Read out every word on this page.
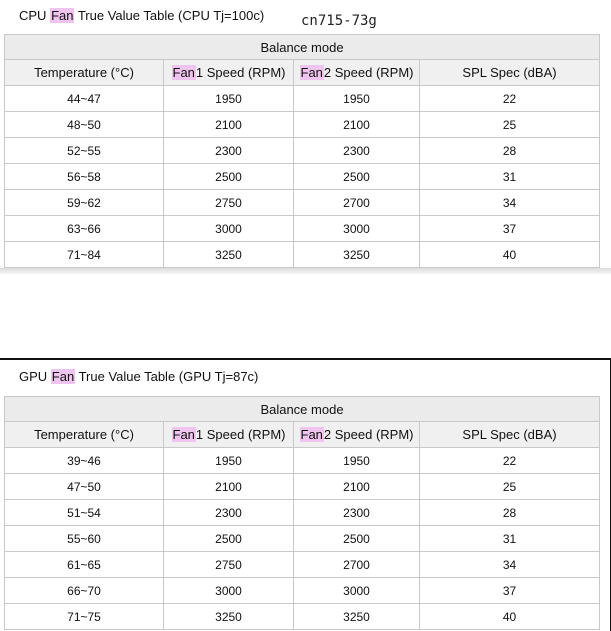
CPU Fan True Value Table (CPU Tj=100c)	cn715-73g
Balance mode			
Temperature (°C)	Fan1 Speed (RPM)	Fan2 Speed (RPM)	SPL Spec (dBA)
44~47	1950	1950	22
48~50	2100	2100	25
52~55	2300	2300	28
56~58	2500	2500	31
59~62	2750	2700	34
63~66	3000	3000	37
71~84	3250	3250	40
GPU Fan True Value Table (GPU Tj=87c)
Balance mode			
Temperature (°C)	Fan1 Speed (RPM)	Fan2 Speed (RPM)	SPL Spec (dBA)
39~46	1950	1950	22
47~50	2100	2100	25
51~54	2300	2300	28
55~60	2500	2500	31
61~65	2750	2700	34
66~70	3000	3000	37
71~75	3250	3250	40
